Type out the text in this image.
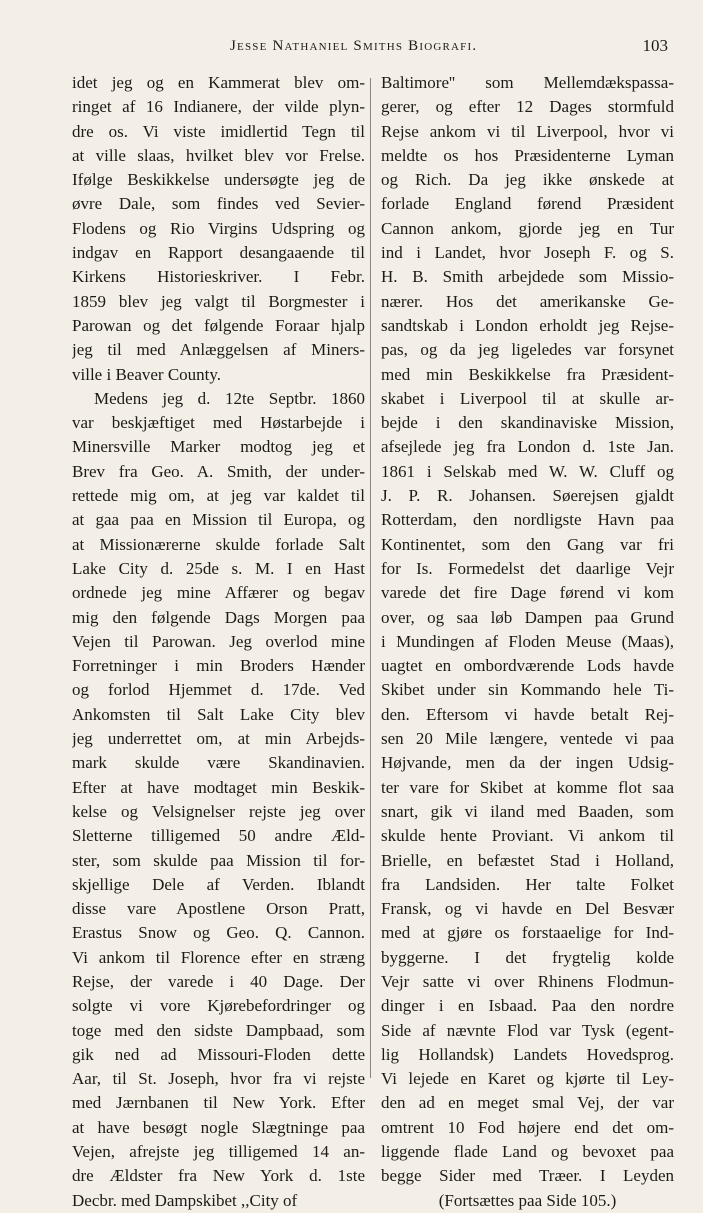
Jesse Nathaniel Smiths Biografi.	103
idet jeg og en Kammerat blev om-
ringet af 16 Indianere, der vilde plyn-
dre os. Vi viste imidlertid Tegn til
at ville slaas, hvilket blev vor Frelse.
Ifølge Beskikkelse undersøgte jeg de
øvre Dale, som findes ved Sevier-
Flodens og Rio Virgins Udspring og
indgav en Rapport desangaaende til
Kirkens Historieskriver. I Febr.
1859 blev jeg valgt til Borgmester i
Parowan og det følgende Foraar hjalp
jeg til med Anlæggelsen af Miners-
ville i Beaver County.
Medens jeg d. 12te Septbr. 1860
var beskjæftiget med Høstarbejde i
Minersville Marker modtog jeg et
Brev fra Geo. A. Smith, der under-
rettede mig om, at jeg var kaldet til
at gaa paa en Mission til Europa, og
at Missionærerne skulde forlade Salt
Lake City d. 25de s. M. I en Hast
ordnede jeg mine Affærer og begav
mig den følgende Dags Morgen paa
Vejen til Parowan. Jeg overlod mine
Forretninger i min Broders Hænder
og forlod Hjemmet d. 17de. Ved
Ankomsten til Salt Lake City blev
jeg underrettet om, at min Arbejds-
mark skulde være Skandinavien.
Efter at have modtaget min Beskik-
kelse og Velsignelser rejste jeg over
Sletterne tilligemed 50 andre Æld-
ster, som skulde paa Mission til for-
skjellige Dele af Verden. Iblandt
disse vare Apostlene Orson Pratt,
Erastus Snow og Geo. Q. Cannon.
Vi ankom til Florence efter en stræng
Rejse, der varede i 40 Dage. Der
solgte vi vore Kjørebefordringer og
toge med den sidste Dampbaad, som
gik ned ad Missouri-Floden dette
Aar, til St. Joseph, hvor fra vi rejste
med Jærnbanen til New York. Efter
at have besøgt nogle Slægtninge paa
Vejen, afrejste jeg tilligemed 14 an-
dre Ældster fra New York d. 1ste
Decbr. med Dampskibet ,,City of
Baltimore'' som Mellemdækspassa-
gerer, og efter 12 Dages stormfuld
Rejse ankom vi til Liverpool, hvor vi
meldte os hos Præsidenterne Lyman
og Rich. Da jeg ikke ønskede at
forlade England førend Præsident
Cannon ankom, gjorde jeg en Tur
ind i Landet, hvor Joseph F. og S.
H. B. Smith arbejdede som Missio-
nærer. Hos det amerikanske Ge-
sandtskab i London erholdt jeg Rejse-
pas, og da jeg ligeledes var forsynet
med min Beskikkelse fra Præsident-
skabet i Liverpool til at skulle ar-
bejde i den skandinaviske Mission,
afsejlede jeg fra London d. 1ste Jan.
1861 i Selskab med W. W. Cluff og
J. P. R. Johansen. Søerejsen gjaldt
Rotterdam, den nordligste Havn paa
Kontinentet, som den Gang var fri
for Is. Formedelst det daarlige Vejr
varede det fire Dage førend vi kom
over, og saa løb Dampen paa Grund
i Mundingen af Floden Meuse (Maas),
uagtet en ombordværende Lods havde
Skibet under sin Kommando hele Ti-
den. Eftersom vi havde betalt Rej-
sen 20 Mile længere, ventede vi paa
Højvande, men da der ingen Udsig-
ter vare for Skibet at komme flot saa
snart, gik vi iland med Baaden, som
skulde hente Proviant. Vi ankom til
Brielle, en befæstet Stad i Holland,
fra Landsiden. Her talte Folket
Fransk, og vi havde en Del Besvær
med at gjøre os forstaaelige for Ind-
byggerne. I det frygtelig kolde
Vejr satte vi over Rhinens Flodmun-
dinger i en Isbaad. Paa den nordre
Side af nævnte Flod var Tysk (egent-
lig Hollandsk) Landets Hovedsprog.
Vi lejede en Karet og kjørte til Ley-
den ad en meget smal Vej, der var
omtrent 10 Fod højere end det om-
liggende flade Land og bevoxet paa
begge Sider med Træer. I Leyden
(Fortsættes paa Side 105.)
